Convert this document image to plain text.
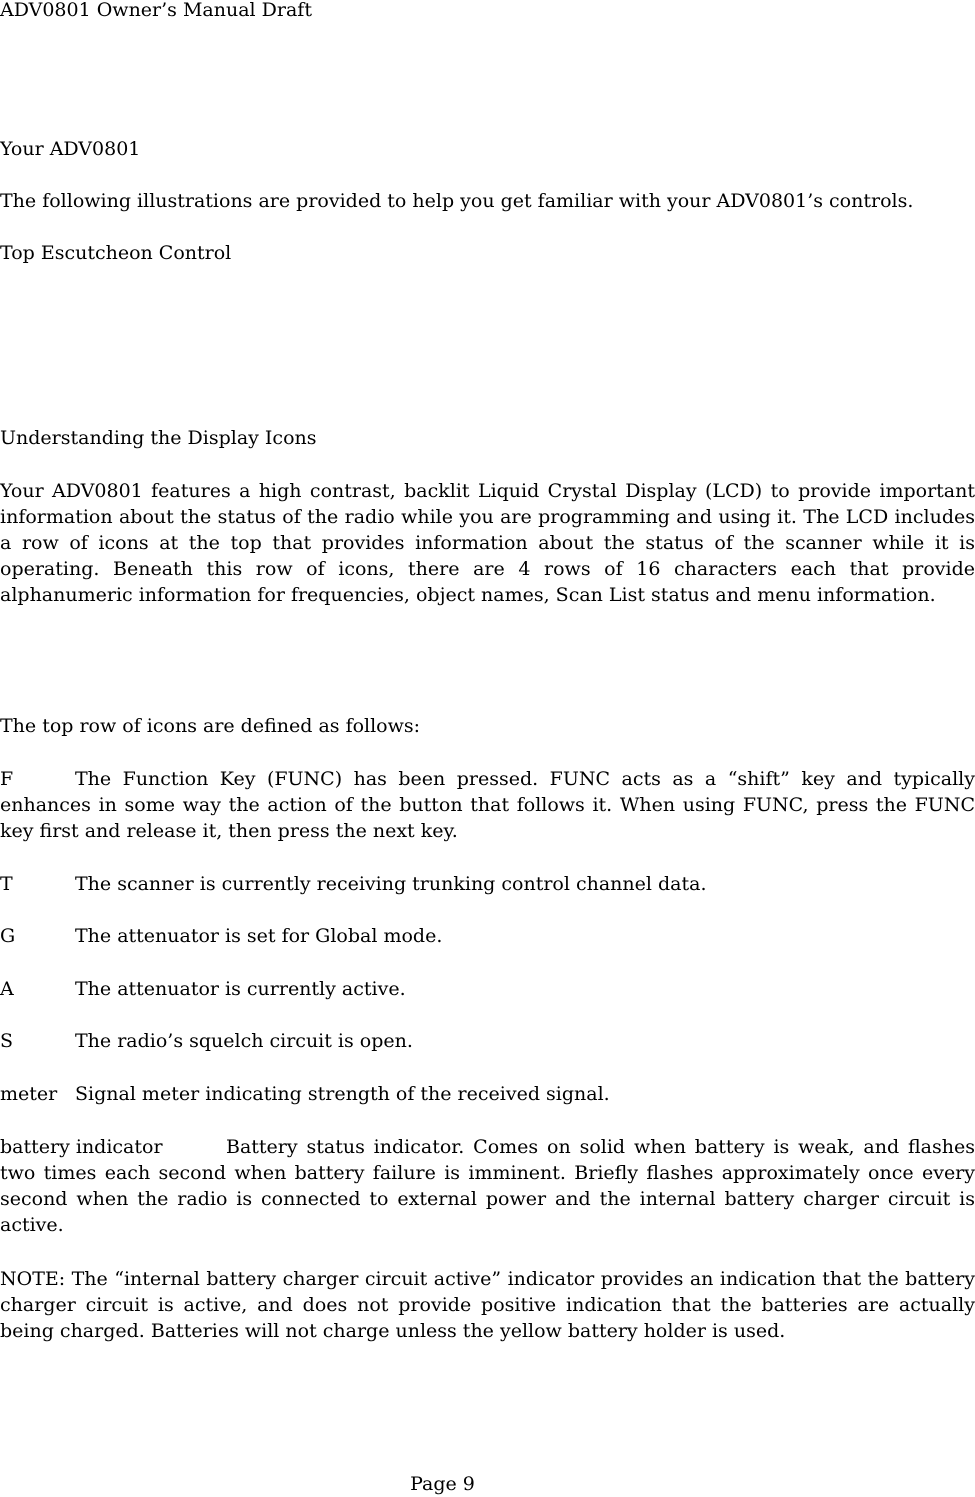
ADV0801 Owner’s Manual Draft
Your ADV0801
The following illustrations are provided to help you get familiar with your ADV0801’s controls.
Top Escutcheon Control
Understanding the Display Icons
Your ADV0801 features a high contrast, backlit Liquid Crystal Display (LCD) to provide important information about the status of the radio while you are programming and using it. The LCD includes a row of icons at the top that provides information about the status of the scanner while it is operating. Beneath this row of icons, there are 4 rows of 16 characters each that provide alphanumeric information for frequencies, object names, Scan List status and menu information.
The top row of icons are defined as follows:
F	The Function Key (FUNC) has been pressed. FUNC acts as a “shift” key and typically enhances in some way the action of the button that follows it. When using FUNC, press the FUNC key first and release it, then press the next key.
T	The scanner is currently receiving trunking control channel data.
G	The attenuator is set for Global mode.
A	The attenuator is currently active.
S	The radio’s squelch circuit is open.
meter Signal meter indicating strength of the received signal.
battery indicator	Battery status indicator. Comes on solid when battery is weak, and flashes two times each second when battery failure is imminent. Briefly flashes approximately once every second when the radio is connected to external power and the internal battery charger circuit is active.
NOTE: The “internal battery charger circuit active” indicator provides an indication that the battery charger circuit is active, and does not provide positive indication that the batteries are actually being charged. Batteries will not charge unless the yellow battery holder is used.
Page 9
